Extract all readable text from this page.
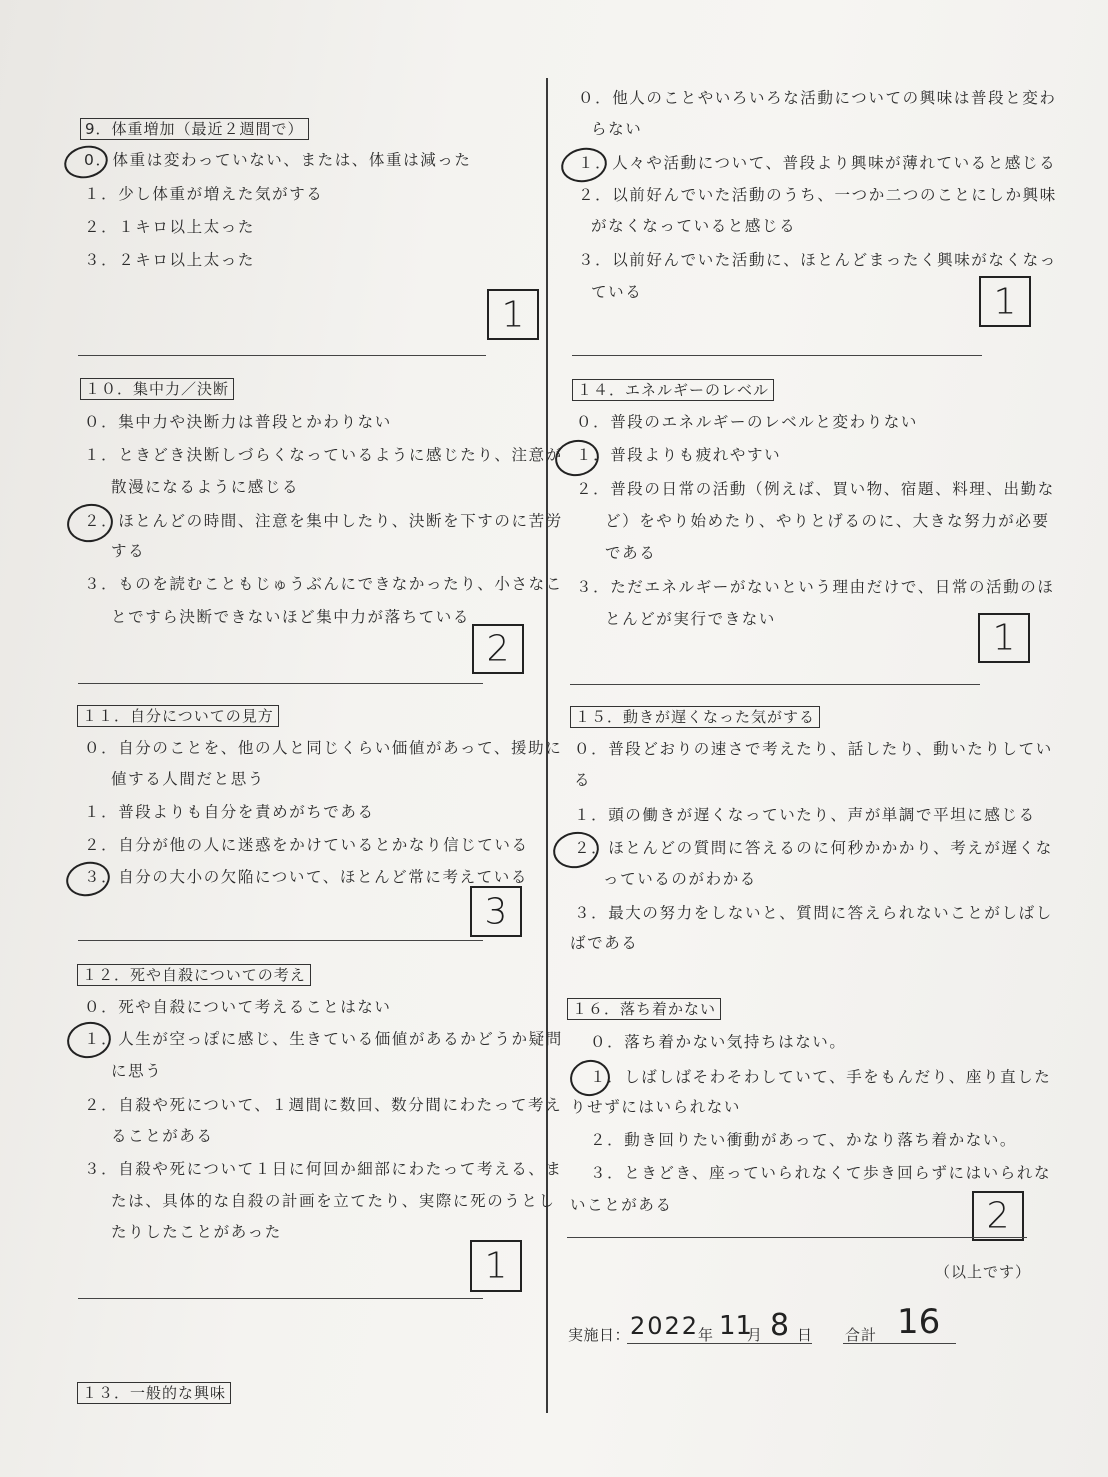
9．体重増加（最近２週間で）
0．体重は変わっていない、または、体重は減った
１．少し体重が増えた気がする
２．１キロ以上太った
３．２キロ以上太った
1
１０．集中力／決断
０．集中力や決断力は普段とかわりない
１．ときどき決断しづらくなっているように感じたり、注意が
散漫になるように感じる
２．ほとんどの時間、注意を集中したり、決断を下すのに苦労
する
３．ものを読むこともじゅうぶんにできなかったり、小さなこ
とですら決断できないほど集中力が落ちている
2
１１．自分についての見方
０．自分のことを、他の人と同じくらい価値があって、援助に
値する人間だと思う
１．普段よりも自分を責めがちである
２．自分が他の人に迷惑をかけているとかなり信じている
３．自分の大小の欠陥について、ほとんど常に考えている
3
１２．死や自殺についての考え
０．死や自殺について考えることはない
１．人生が空っぽに感じ、生きている価値があるかどうか疑問
に思う
２．自殺や死について、１週間に数回、数分間にわたって考え
ることがある
３．自殺や死について１日に何回か細部にわたって考える、ま
たは、具体的な自殺の計画を立てたり、実際に死のうとし
たりしたことがあった
1
１３．一般的な興味
０．他人のことやいろいろな活動についての興味は普段と変わ
らない
１．人々や活動について、普段より興味が薄れていると感じる
２．以前好んでいた活動のうち、一つか二つのことにしか興味
がなくなっていると感じる
３．以前好んでいた活動に、ほとんどまったく興味がなくなっ
ている	1
１４．エネルギーのレベル
０．普段のエネルギーのレベルと変わりない
１．普段よりも疲れやすい
２．普段の日常の活動（例えば、買い物、宿題、料理、出勤な
ど）をやり始めたり、やりとげるのに、大きな努力が必要
である
３．ただエネルギーがないという理由だけで、日常の活動のほ
とんどが実行できない	1
１５．動きが遅くなった気がする
０．普段どおりの速さで考えたり、話したり、動いたりしてい
る
１．頭の働きが遅くなっていたり、声が単調で平坦に感じる
２．ほとんどの質問に答えるのに何秒かかかり、考えが遅くな
っているのがわかる
３．最大の努力をしないと、質問に答えられないことがしばし
ばである
１６．落ち着かない
０．落ち着かない気持ちはない。
１．しばしばそわそわしていて、手をもんだり、座り直した
りせずにはいられない
２．動き回りたい衝動があって、かなり落ち着かない。
３．ときどき、座っていられなくて歩き回らずにはいられな
いことがある	2
（以上です）
実施日： 2022
年 11
月 8 日 合計 16
